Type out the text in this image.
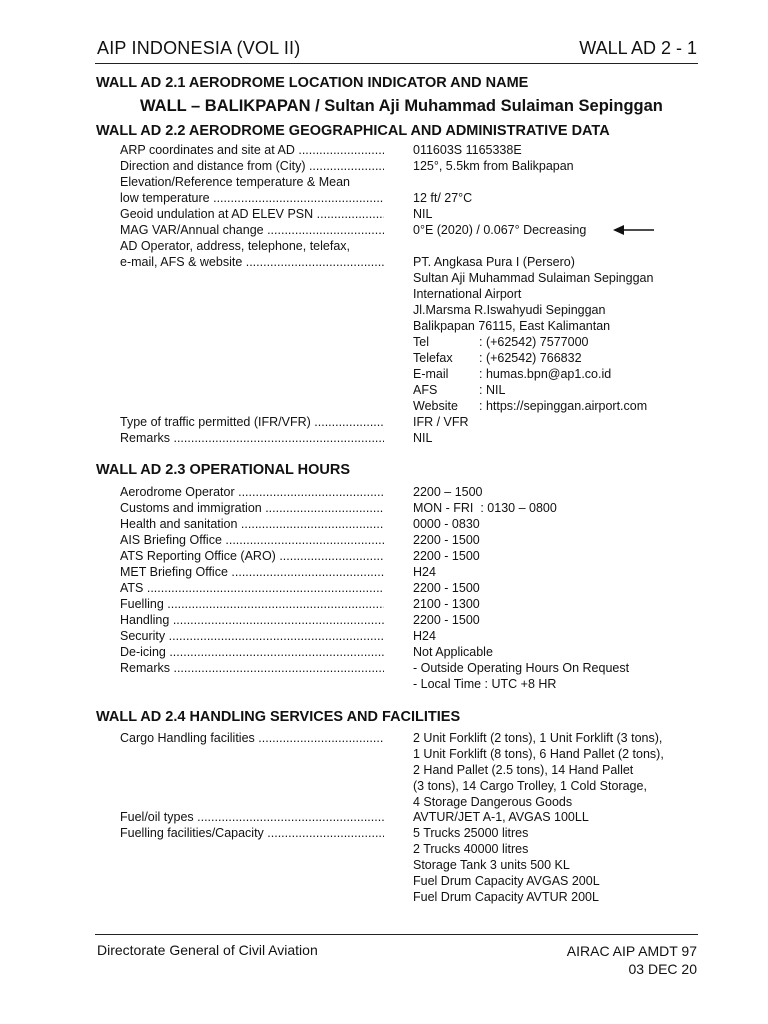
AIP INDONESIA (VOL II)	WALL AD 2 - 1
WALL AD 2.1 AERODROME LOCATION INDICATOR AND NAME
WALL – BALIKPAPAN / Sultan Aji Muhammad Sulaiman Sepinggan
WALL AD 2.2 AERODROME GEOGRAPHICAL AND ADMINISTRATIVE DATA
ARP coordinates and site at AD .....	011603S 1165338E
Direction and distance from (City) .....	125°, 5.5km from Balikpapan
Elevation/Reference temperature & Mean
low temperature .....	12 ft/ 27°C
Geoid undulation at AD ELEV PSN .....	NIL
MAG VAR/Annual change .....	0°E (2020) / 0.067° Decreasing
AD Operator, address, telephone, telefax,
e-mail, AFS & website .....	PT. Angkasa Pura I (Persero)
Sultan Aji Muhammad Sulaiman Sepinggan
International Airport
Jl.Marsma R.Iswahyudi Sepinggan
Balikpapan 76115, East Kalimantan
Tel	: (+62542) 7577000
Telefax : (+62542) 766832
E-mail : humas.bpn@ap1.co.id
AFS	: NIL
Website : https://sepinggan.airport.com
Type of traffic permitted (IFR/VFR) .....	IFR / VFR
Remarks .....	NIL
WALL AD 2.3 OPERATIONAL HOURS
Aerodrome Operator .....	2200 – 1500
Customs and immigration .....	MON - FRI  : 0130 – 0800
Health and sanitation .....	0000 - 0830
AIS Briefing Office .....	2200 - 1500
ATS Reporting Office (ARO) .....	2200 - 1500
MET Briefing Office .....	H24
ATS .....	2200 - 1500
Fuelling .....	2100 - 1300
Handling .....	2200 - 1500
Security .....	H24
De-icing .....	Not Applicable
Remarks .....	- Outside Operating Hours On Request
- Local Time : UTC +8 HR
WALL AD 2.4 HANDLING SERVICES AND FACILITIES
Cargo Handling facilities .....	2 Unit Forklift (2 tons), 1 Unit Forklift (3 tons),
1 Unit Forklift (8 tons), 6 Hand Pallet (2 tons),
2 Hand Pallet (2.5 tons), 14 Hand Pallet
(3 tons), 14 Cargo Trolley, 1 Cold Storage,
4 Storage Dangerous Goods
Fuel/oil types .....	AVTUR/JET A-1, AVGAS 100LL
Fuelling facilities/Capacity .....	5 Trucks 25000 litres
2 Trucks 40000 litres
Storage Tank 3 units 500 KL
Fuel Drum Capacity AVGAS 200L
Fuel Drum Capacity AVTUR 200L
Directorate General of Civil Aviation	AIRAC AIP AMDT 97
03 DEC 20
